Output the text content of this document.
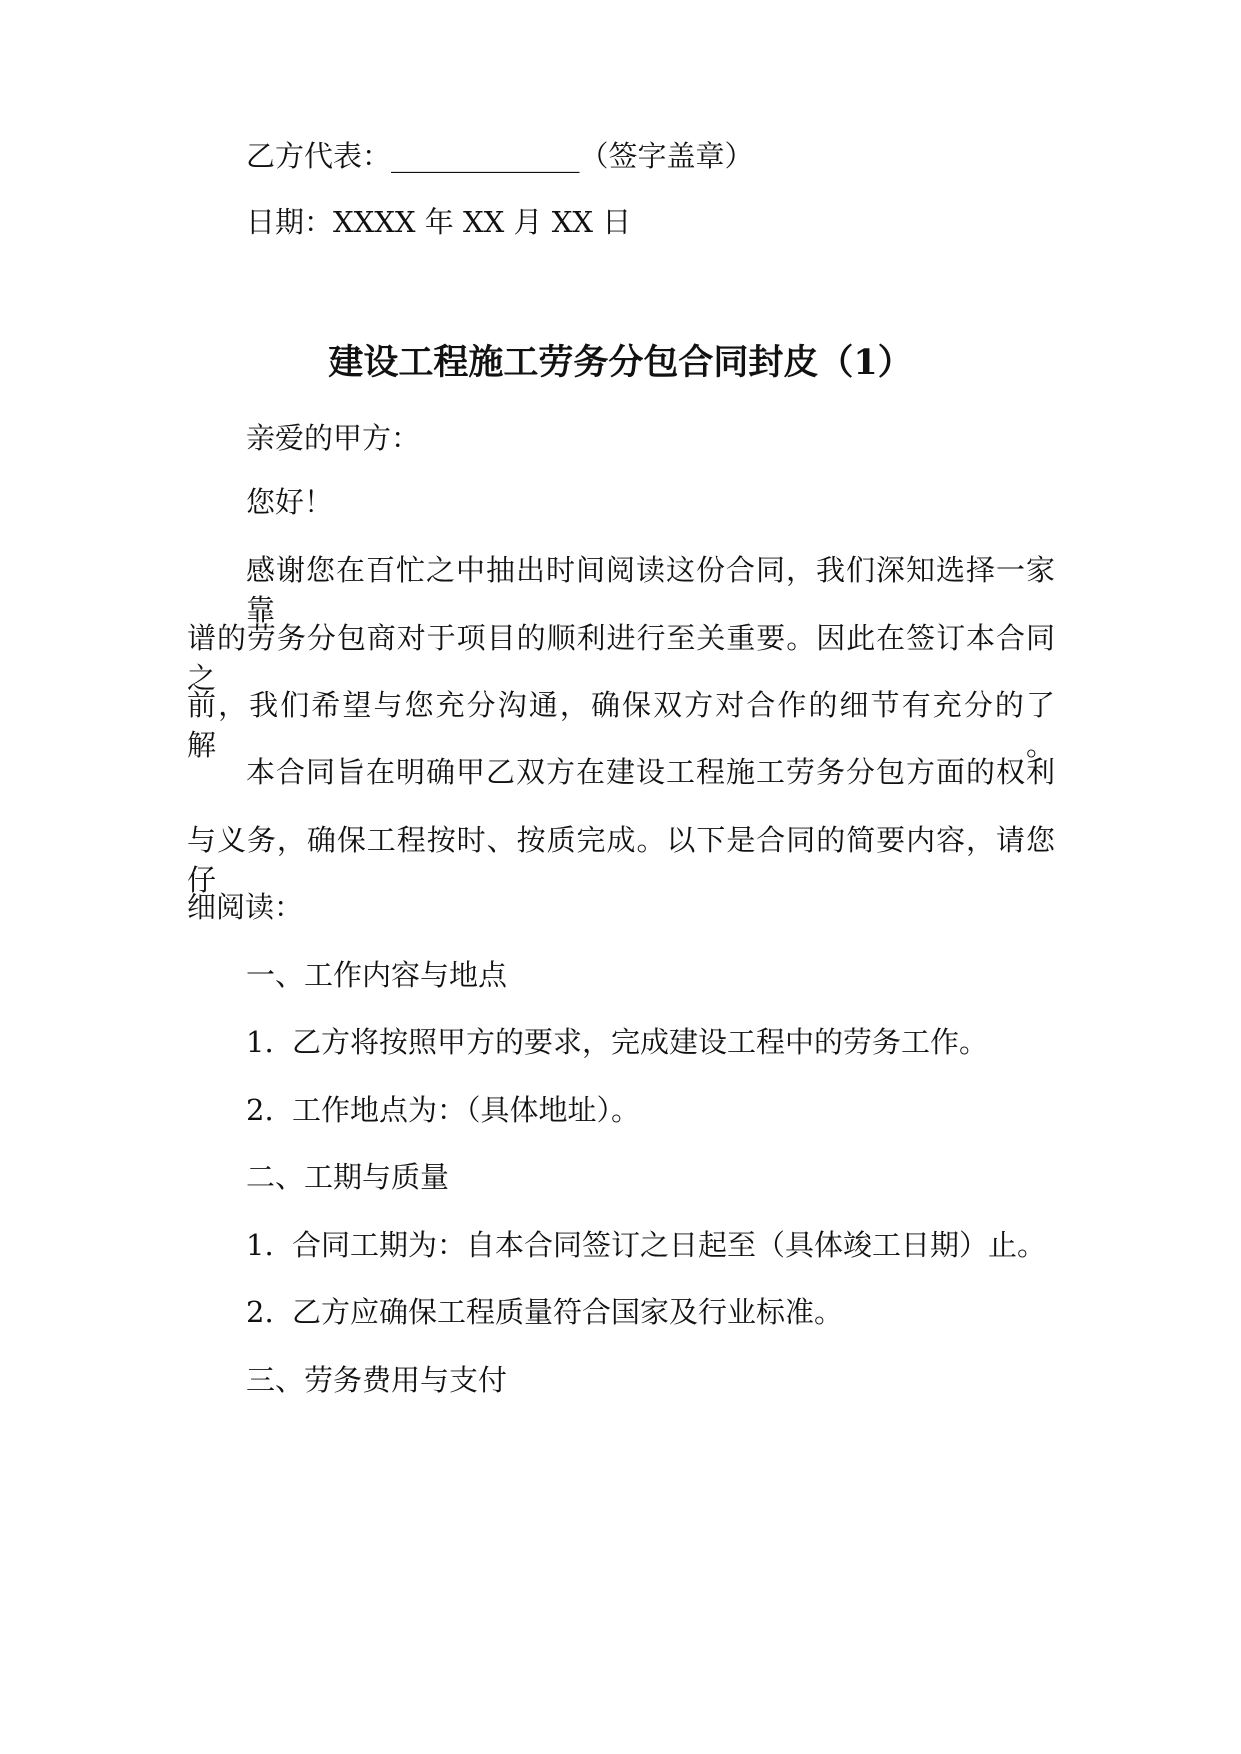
乙方代表：_____________（签字盖章）
日期：XXXX 年 XX 月 XX 日
建设工程施工劳务分包合同封皮（1）
亲爱的甲方：
您好！
感谢您在百忙之中抽出时间阅读这份合同，我们深知选择一家靠
谱的劳务分包商对于项目的顺利进行至关重要。因此在签订本合同之
前，我们希望与您充分沟通，确保双方对合作的细节有充分的了解。
本合同旨在明确甲乙双方在建设工程施工劳务分包方面的权利
与义务，确保工程按时、按质完成。以下是合同的简要内容，请您仔
细阅读：
一、工作内容与地点
1. 乙方将按照甲方的要求，完成建设工程中的劳务工作。
2. 工作地点为：（具体地址）。
二、工期与质量
1. 合同工期为：自本合同签订之日起至（具体竣工日期）止。
2. 乙方应确保工程质量符合国家及行业标准。
三、劳务费用与支付
